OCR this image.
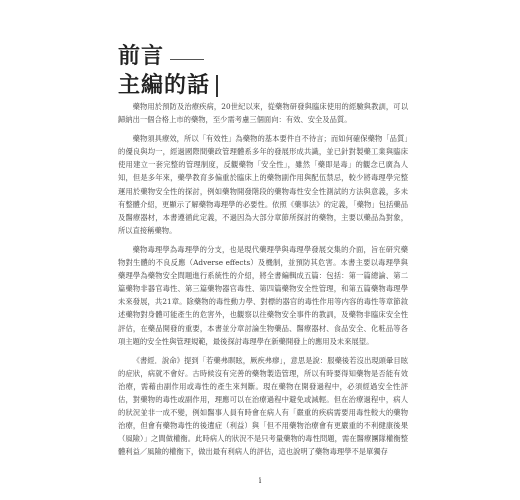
前言
主編的話

藥物用於預防及治療疾病，20世紀以來，從藥物研發與臨床使用的經驗與教訓，可以歸納出一個合格上市的藥物，至少需考慮三個面向：有效、安全及品質。

藥物須具療效，所以「有效性」為藥物的基本要件自不待言；而如何確保藥物「品質」的優良與均一，經過國際間藥政管理體系多年的發展形成共識，並已針對製藥工業與臨床使用建立一套完整的管理制度，反觀藥物「安全性」，雖然「藥即是毒」的觀念已廣為人知，但是多年來，藥學教育多偏重於臨床上的藥物副作用與配伍禁忌，較少將毒理學完整運用於藥物安全性的探討，例如藥物開發階段的藥物毒性安全性測試的方法與意義，多未有整體介紹，更顯示了解藥物毒理學的必要性。依照《藥事法》的定義，「藥物」包括藥品及醫療器材，本書遵循此定義，不過因為大部分章節所探討的藥物，主要以藥品為對象，所以直接稱藥物。

藥物毒理學為毒理學的分支，也是現代藥理學與毒理學發展交集的介面，旨在研究藥物對生體的不良反應（Adverse effects）及機制，並預防其危害。本書主要以毒理學與藥理學為藥物安全問題進行系統性的介紹，將全書編輯成五篇：包括：第一篇總論、第二篇藥物非器官毒性、第三篇藥物器官毒性、第四篇藥物安全性管理，和第五篇藥物毒理學未來發展，共21章。除藥物的毒性動力學、對標的器官的毒性作用等内容的毒性等章節敘述藥物對身體可能產生的危害外，也觀察以往藥物安全事件的教訓，及藥物非臨床安全性評估，在藥品開發的重要，本書並分章討論生物藥品、醫療器材、食品安全、化粧品等各項主題的安全性與管理規範，最後探討毒理學在新藥開發上的應用及未來展望。

《書經．說命》提到「若藥弗瞑眩，厥疾弗瘳」，意思是說：服藥後若沒出現頭暈目眩的症狀，病就不會好。古時候沒有完善的藥物製造管理，所以有時要得知藥物是否能有效治療，需藉由副作用或毒性的產生來判斷。現在藥物在開發過程中，必須經過安全性評估，對藥物的毒性或副作用，理應可以在治療過程中避免或減輕。但在治療過程中，病人的狀況並非一成不變，例如醫事人員有時會在病人有「嚴重的疾病需要用毒性較大的藥物治療，但會有藥物毒性的後遺症（利益）與「但不用藥物治療會有更嚴重的不利健康後果（風險）」之間做權衡。此時病人的狀況不是只考量藥物的毒性問題，需在醫療團隊權衡整體利益／風險的權衡下，做出最有利病人的評估，這也說明了藥物毒理學不是單獨存

i
